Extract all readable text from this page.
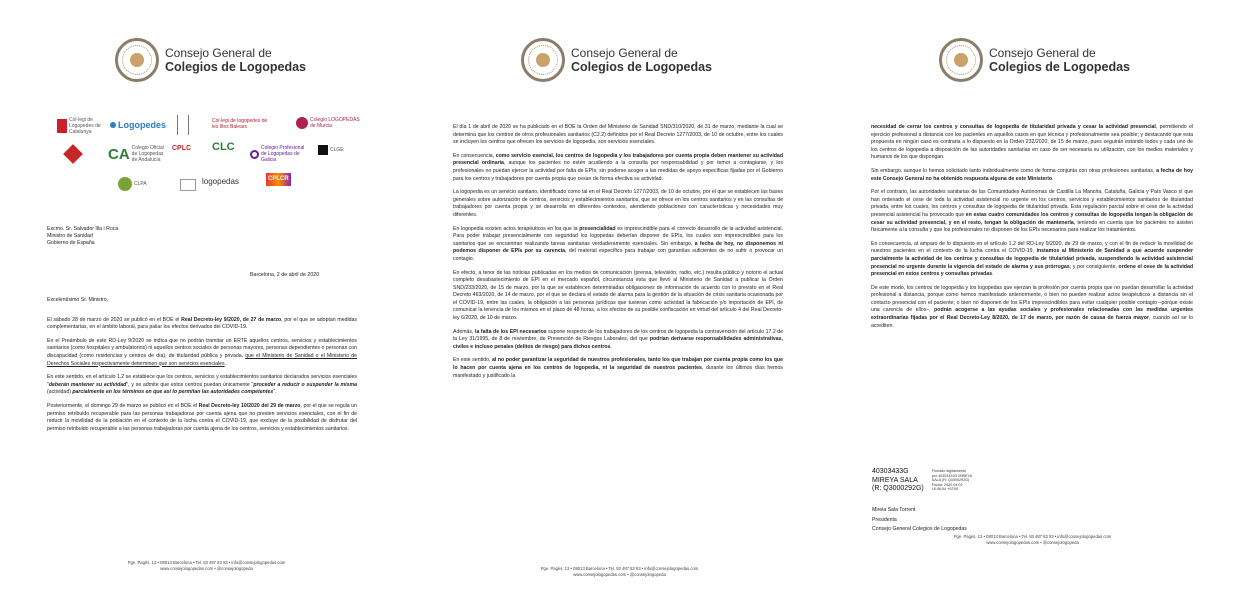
Consejo General de
Colegios de Logopedas
Col·legi de Logopedes de Catalunya
Logopedes	Col·legi de logopedes de les Illes Balears
Colegio LOGOPEDAS de Murcia
CA Colegio Oficial de Logopedas de Andalucía
CPLC CLC	Colegio Profesional de Logopedas de Galicia
CLGE
CLPA	logopedas	CPLCR
Excmo. Sr. Salvador Illa i Roca
Ministro de Sanidad
Gobierno de España
Barcelona, 2 de abril de 2020

Excelentísimo Sr. Ministro,

El sábado 28 de marzo de 2020 se publicó en el BOE el Real Decreto-ley 9/2020, de 27 de marzo, por el que se adoptan medidas complementarias, en el ámbito laboral, para paliar los efectos derivados del COVID-19.

En el Preámbulo de este RD-Ley 9/2020 se indica que no podrán tramitar un ERTE aquellos centros, servicios y establecimientos sanitarios (como hospitales y ambulatorios) ni aquellos centros sociales de personas mayores, personas dependientes o personas con discapacidad (como residencias y centros de día), de titularidad pública y privada, que el Ministerio de Sanidad o el Ministerio de Derechos Sociales respectivamente determinen que son servicios esenciales.

En este sentido, en el artículo 1.2 se establece que los centros, servicios y establecimientos sanitarios declarados servicios esenciales "deberán mantener su actividad", y se admite que estos centros puedan únicamente "proceder a reducir o suspender la misma (actividad) parcialmente en los términos en que así lo permitan las autoridades competentes".

Posteriormente, el domingo 29 de marzo se publicó en el BOE el Real Decreto-ley 10/2020 del 29 de marzo, por el que se regula un permiso retribuido recuperable para las personas trabajadoras por cuenta ajena que no presten servicios esenciales, con el fin de reducir la movilidad de la población en el contexto de la lucha contra el COVID-19, que excluye de la posibilidad de disfrutar del permiso retribuido recuperable a las personas trabajadoras por cuenta ajena de los centros, servicios y establecimientos sanitarios.

Pge. Pagès, 13 • 08013 Barcelona • Tel. 93 487 83 93 • info@consejologopedas.com
www.consejologopedas.com • @consejologopeda
Consejo General de
Colegios de Logopedas

El día 1 de abril de 2020 se ha publicado en el BOE la Orden del Ministerio de Sanidad SND/310/2020, de 31 de marzo, mediante la cual se determina que los centros de otros profesionales sanitarios (C2.2) definidos por el Real Decreto 1277/2003, de 10 de octubre, entre los cuales se incluyen los centros que ofrecen los servicios de logopedia, son servicios esenciales.

En consecuencia, como servicio esencial, los centros de logopedia y los trabajadores por cuenta propia deben mantener su actividad presencial ordinaria, aunque los pacientes no estén acudiendo a la consulta por responsabilidad y por temor a contagiarse, y los profesionales no puedan ejercer la actividad por falta de EPIs; sin poderse acoger a las medidas de apoyo específicas fijadas por el Gobierno para los centros y trabajadores por cuenta propia que cesan de forma efectiva su actividad.

La logopedia es un servicio sanitario, identificado como tal en el Real Decreto 1277/2003, de 10 de octubre, por el que se establecen las bases generales sobre autorización de centros, servicios y establecimientos sanitarios, que se ofrece en los centros sanitarios y en las consultas de trabajadores por cuenta propia y se desarrolla en diferentes contextos, atendiendo poblaciones con características y necesidades muy diferentes.

En logopedia existen actos terapéuticos en los que la presencialidad es imprescindible para el correcto desarrollo de la actividad asistencial. Para poder trabajar presencialmente con seguridad los logopedas deberían disponer de EPIs, los cuales son imprescindibles para los sanitarios que se encuentran realizando tareas sanitarias verdaderamente esenciales. Sin embargo, a fecha de hoy, no disponemos ni podemos disponer de EPIs por su carencia, del material específico para trabajar con garantías suficientes de no sufrir o provocar un contagio.

En efecto, a tenor de las noticias publicadas en los medios de comunicación (prensa, televisión, radio, etc.) resulta público y notorio el actual completo desabastecimiento de EPI en el mercado español, circunstancia ésta que llevó al Ministerio de Sanidad a publicar la Orden SND/233/2020, de 15 de marzo, por la que se establecen determinadas obligaciones de información de acuerdo con lo previsto en el Real Decreto 463/2020, de 14 de marzo, por el que se declara el estado de alarma para la gestión de la situación de crisis sanitaria ocasionada por el COVID-19, entre las cuales, la obligación a las personas jurídicas que tuvieran como actividad la fabricación y/o importación de EPI, de comunicar la tenencia de los mismos en el plazo de 48 horas, a los efectos de su posible confiscación en virtud del artículo 4 del Real Decreto-ley 6/2020, de 10 de marzo.

Además, la falta de los EPI necesarios supone respecto de los trabajadores de los centros de logopedia la contravención del artículo 17.2 de la Ley 31/1995, de 8 de noviembre, de Prevención de Riesgos Laborales, del que podrían derivarse responsabilidades administrativas, civiles e incluso penales (delitos de riesgo) para dichos centros.

En este sentido, al no poder garantizar la seguridad de nuestros profesionales, tanto los que trabajan por cuenta propia como los que lo hacen por cuenta ajena en los centros de logopedia, ni la seguridad de nuestros pacientes, durante los últimos días hemos manifestado y justificado la

Pge. Pagès, 13 • 08013 Barcelona • Tel. 93 487 83 93 • info@consejologopedas.com
www.consejologopedas.com • @consejologopeda
Consejo General de
Colegios de Logopedas

necesidad de cerrar los centros y consultas de logopedia de titularidad privada y cesar la actividad presencial, permitiendo el ejercicio profesional a distancia con los pacientes en aquellos casos en que técnica y profesionalmente sea posible; y destacando que esta propuesta en ningún caso es contraria a lo dispuesto en la Orden 232/2020, de 15 de marzo, pues seguirán estando todos y cada uno de los centros de logopedia a disposición de las autoridades sanitarias en caso de ser necesaria su utilización, con los medios materiales y humanos de los que dispongan.

Sin embargo, aunque lo hemos solicitado tanto individualmente como de forma conjunta con otras profesiones sanitarias, a fecha de hoy este Consejo General no ha obtenido respuesta alguna de este Ministerio.

Por el contrario, las autoridades sanitarias de las Comunidades Autónomas de Castilla La Mancha, Cataluña, Galicia y País Vasco sí que han ordenado el cese de toda la actividad asistencial no urgente en los centros, servicios y establecimientos sanitarios de titularidad privada, entre los cuales, los centros y consultas de logopedia de titularidad privada. Esta regulación parcial sobre el cese de la actividad presencial asistencial ha provocado que en estas cuatro comunidades los centros y consultas de logopedia tengan la obligación de cesar su actividad presencial, y en el resto, tengan la obligación de mantenerla, teniendo en cuenta que los pacientes no asisten físicamente a la consulta y que los profesionales no disponen de los EPIs necesarios para realizar los tratamientos.

En consecuencia, al amparo de lo dispuesto en el artículo 1.2 del RD-Ley 9/2020, de 29 de marzo, y con el fin de reducir la movilidad de nuestros pacientes en el contexto de la lucha contra el COVID-19, instamos al Ministerio de Sanidad a que acuerde suspender parcialmente la actividad de los centros y consultas de logopedia de titularidad privada, suspendiendo la actividad asistencial presencial no urgente durante la vigencia del estado de alarma y sus prórrogas; y por consiguiente, ordene el cese de la actividad presencial en estos centros y consultas privadas.

De este modo, los centros de logopedia y los logopedas que ejerzan la profesión por cuenta propia que no puedan desarrollar la actividad profesional a distancia, porque como hemos manifestado anteriormente, o bien no pueden realizar actos terapéuticos a distancia sin el contacto presencial con el paciente; o bien no disponen de los EPIs imprescindibles para evitar cualquier posible contagio –porque existe una carencia de ellos–, podrán acogerse a las ayudas sociales y profesionales relacionadas con las medidas urgentes extraordinarias fijadas por el Real Decreto-Ley 8/2020, de 17 de marzo, por razón de causa de fuerza mayor, cuando así se lo acrediten.

40303433G
MIREYA SALA
(R: Q3000292G)
Firmado digitalmente
por 40303433G MIREYA
SALA (R: Q3000292G)
Fecha: 2020.04.02
16:46:54 +02'00'
Mireia Sala Torrent
Presidenta
Consejo General Colegios de Logopedas
Pge. Pagès, 13 • 08013 Barcelona • Tel. 93 487 83 93 • info@consejologopedas.com
www.consejologopedas.com • @consejologopeda
